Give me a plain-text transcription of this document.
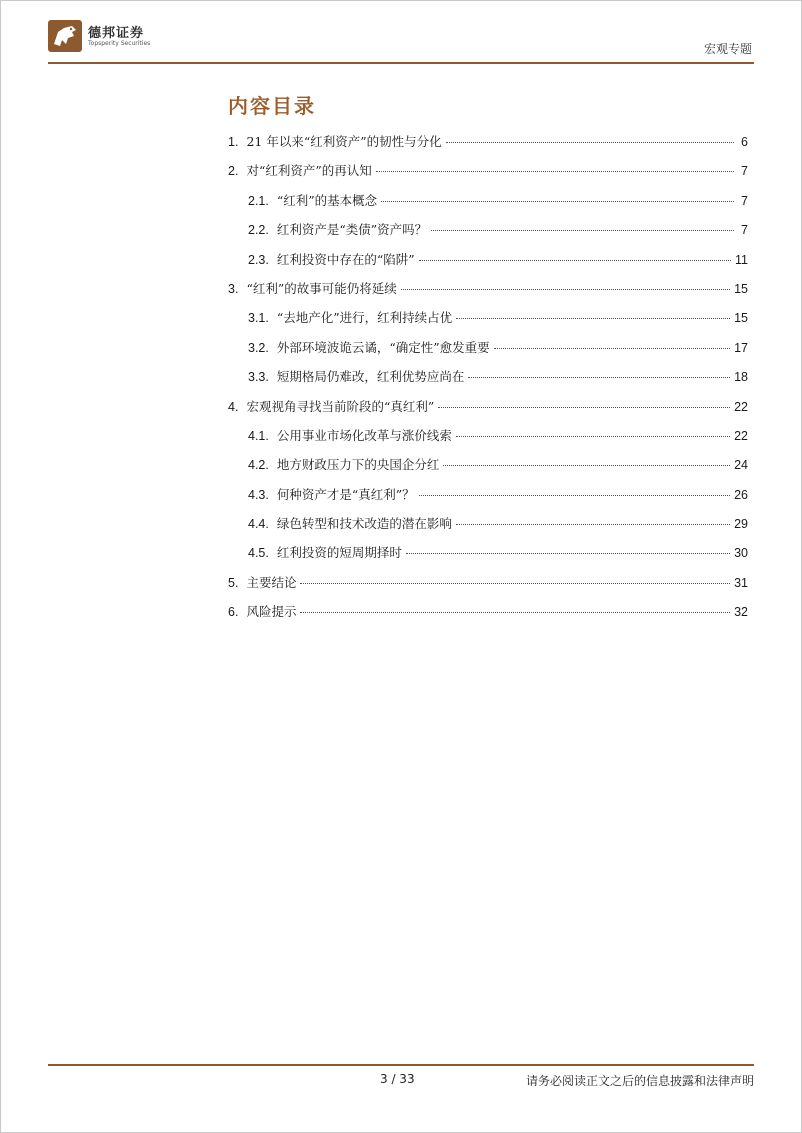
德邦证券
Topsperity Securities	宏观专题
内容目录
1. 21 年以来“红利资产”的韧性与分化	6
2. 对“红利资产”的再认知	7
2.1. “红利”的基本概念	7
2.2. 红利资产是“类债”资产吗？	7
2.3. 红利投资中存在的“陷阱”	11
3. “红利”的故事可能仍将延续	15
3.1. “去地产化”进行，红利持续占优	15
3.2. 外部环境波诡云谲，“确定性”愈发重要	17
3.3. 短期格局仍难改，红利优势应尚在	18
4. 宏观视角寻找当前阶段的“真红利”	22
4.1. 公用事业市场化改革与涨价线索	22
4.2. 地方财政压力下的央国企分红	24
4.3. 何种资产才是“真红利”？	26
4.4. 绿色转型和技术改造的潜在影响	29
4.5. 红利投资的短周期择时	30
5. 主要结论	31
6. 风险提示	32
3 / 33	请务必阅读正文之后的信息披露和法律声明
